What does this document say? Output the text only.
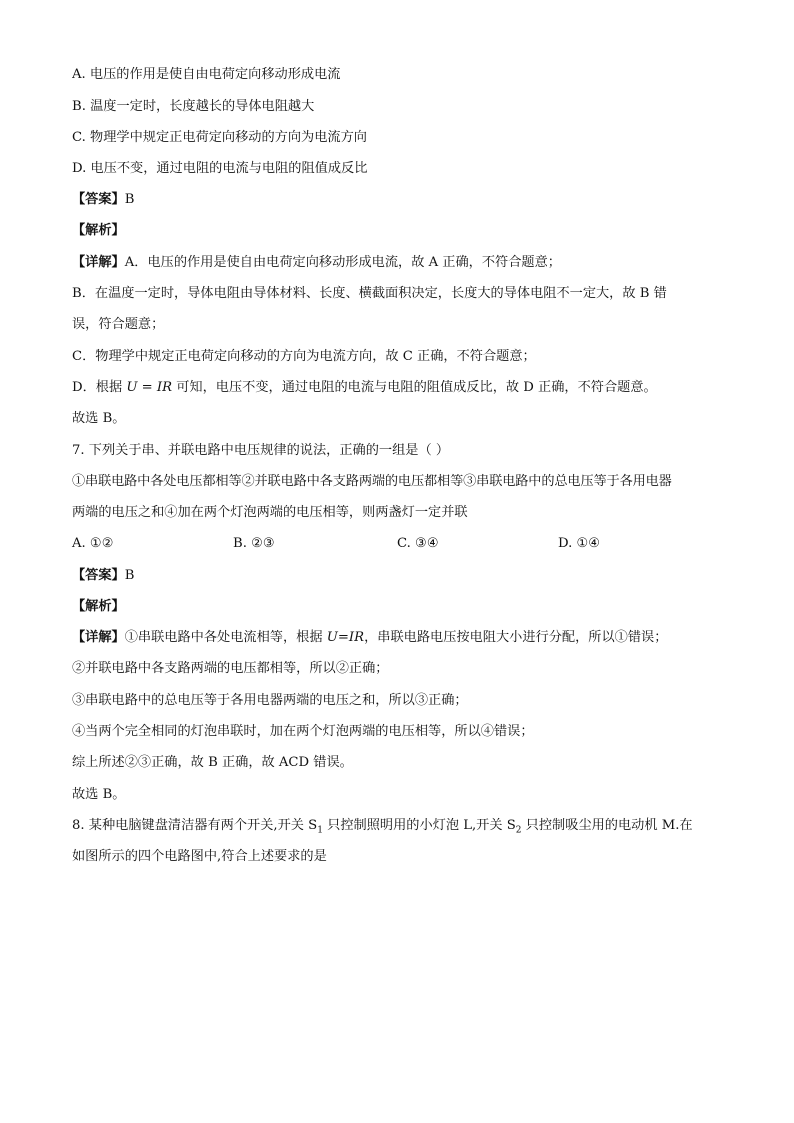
A. 电压的作用是使自由电荷定向移动形成电流
B. 温度一定时，长度越长的导体电阻越大
C. 物理学中规定正电荷定向移动的方向为电流方向
D. 电压不变，通过电阻的电流与电阻的阻值成反比
【答案】B
【解析】
【详解】A．电压的作用是使自由电荷定向移动形成电流，故 A 正确，不符合题意；
B．在温度一定时，导体电阻由导体材料、长度、横截面积决定，长度大的导体电阻不一定大，故 B 错
误，符合题意；
C．物理学中规定正电荷定向移动的方向为电流方向，故 C 正确，不符合题意；
D．根据 U = IR 可知，电压不变，通过电阻的电流与电阻的阻值成反比，故 D 正确，不符合题意。
故选 B。
7. 下列关于串、并联电路中电压规律的说法，正确的一组是（ ）
①串联电路中各处电压都相等②并联电路中各支路两端的电压都相等③串联电路中的总电压等于各用电器
两端的电压之和④加在两个灯泡两端的电压相等，则两盏灯一定并联
A. ①②	B. ②③	C. ③④	D. ①④
【答案】B
【解析】
【详解】①串联电路中各处电流相等，根据 U=IR，串联电路电压按电阻大小进行分配，所以①错误；
②并联电路中各支路两端的电压都相等，所以②正确；
③串联电路中的总电压等于各用电器两端的电压之和，所以③正确；
④当两个完全相同的灯泡串联时，加在两个灯泡两端的电压相等，所以④错误；
综上所述②③正确，故 B 正确，故 ACD 错误。
故选 B。
8. 某种电脑键盘清洁器有两个开关,开关 $S_1$ 只控制照明用的小灯泡 L,开关 $S_2$ 只控制吸尘用的电动机 M.在
如图所示的四个电路图中,符合上述要求的是
